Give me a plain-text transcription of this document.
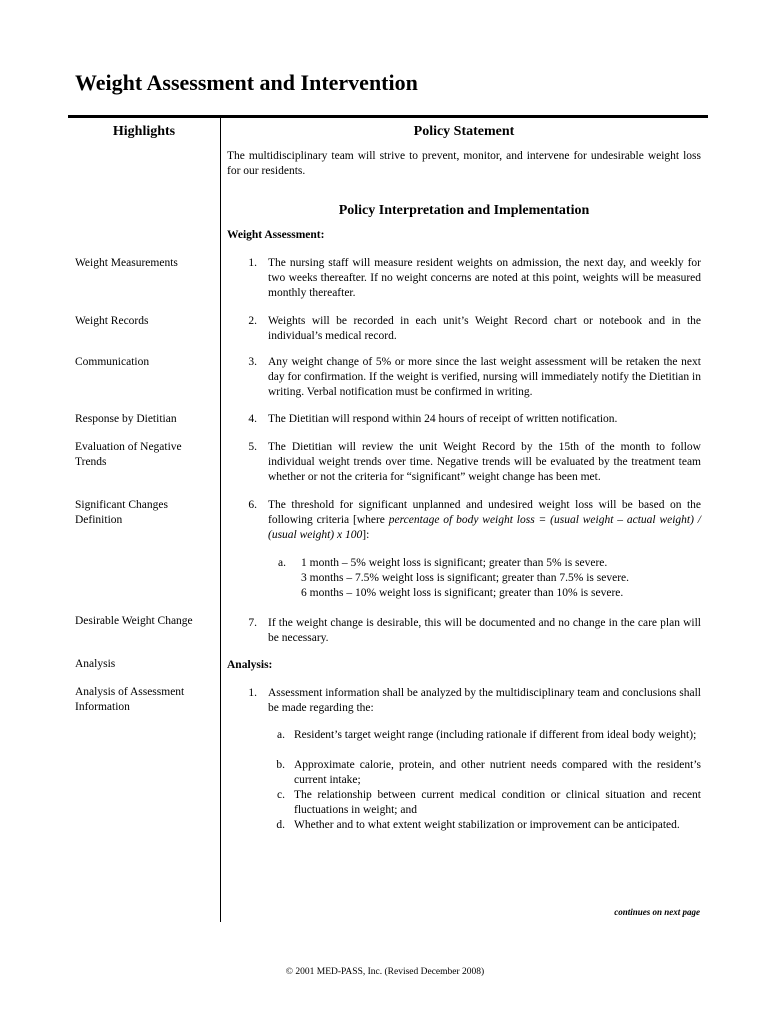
Weight Assessment and Intervention
Highlights	Policy Statement
The multidisciplinary team will strive to prevent, monitor, and intervene for undesirable weight loss for our residents.
Policy Interpretation and Implementation
Weight Assessment:
Weight Measurements
Weight Records
Communication
Response by Dietitian
Evaluation of Negative Trends
Significant Changes Definition
Desirable Weight Change
Analysis
Analysis of Assessment Information
1. The nursing staff will measure resident weights on admission, the next day, and weekly for two weeks thereafter. If no weight concerns are noted at this point, weights will be measured monthly thereafter.
2. Weights will be recorded in each unit’s Weight Record chart or notebook and in the individual’s medical record.
3. Any weight change of 5% or more since the last weight assessment will be retaken the next day for confirmation. If the weight is verified, nursing will immediately notify the Dietitian in writing. Verbal notification must be confirmed in writing.
4. The Dietitian will respond within 24 hours of receipt of written notification.
5. The Dietitian will review the unit Weight Record by the 15th of the month to follow individual weight trends over time. Negative trends will be evaluated by the treatment team whether or not the criteria for “significant” weight change has been met.
6. The threshold for significant unplanned and undesired weight loss will be based on the following criteria [where percentage of body weight loss = (usual weight – actual weight) / (usual weight) x 100]:
a. 1 month – 5% weight loss is significant; greater than 5% is severe.
3 months – 7.5% weight loss is significant; greater than 7.5% is severe.
6 months – 10% weight loss is significant; greater than 10% is severe.
7. If the weight change is desirable, this will be documented and no change in the care plan will be necessary.
Analysis:
1. Assessment information shall be analyzed by the multidisciplinary team and conclusions shall be made regarding the:
a. Resident’s target weight range (including rationale if different from ideal body weight);
b. Approximate calorie, protein, and other nutrient needs compared with the resident’s current intake;
c. The relationship between current medical condition or clinical situation and recent fluctuations in weight; and
d. Whether and to what extent weight stabilization or improvement can be anticipated.
continues on next page
© 2001 MED-PASS, Inc. (Revised December 2008)
